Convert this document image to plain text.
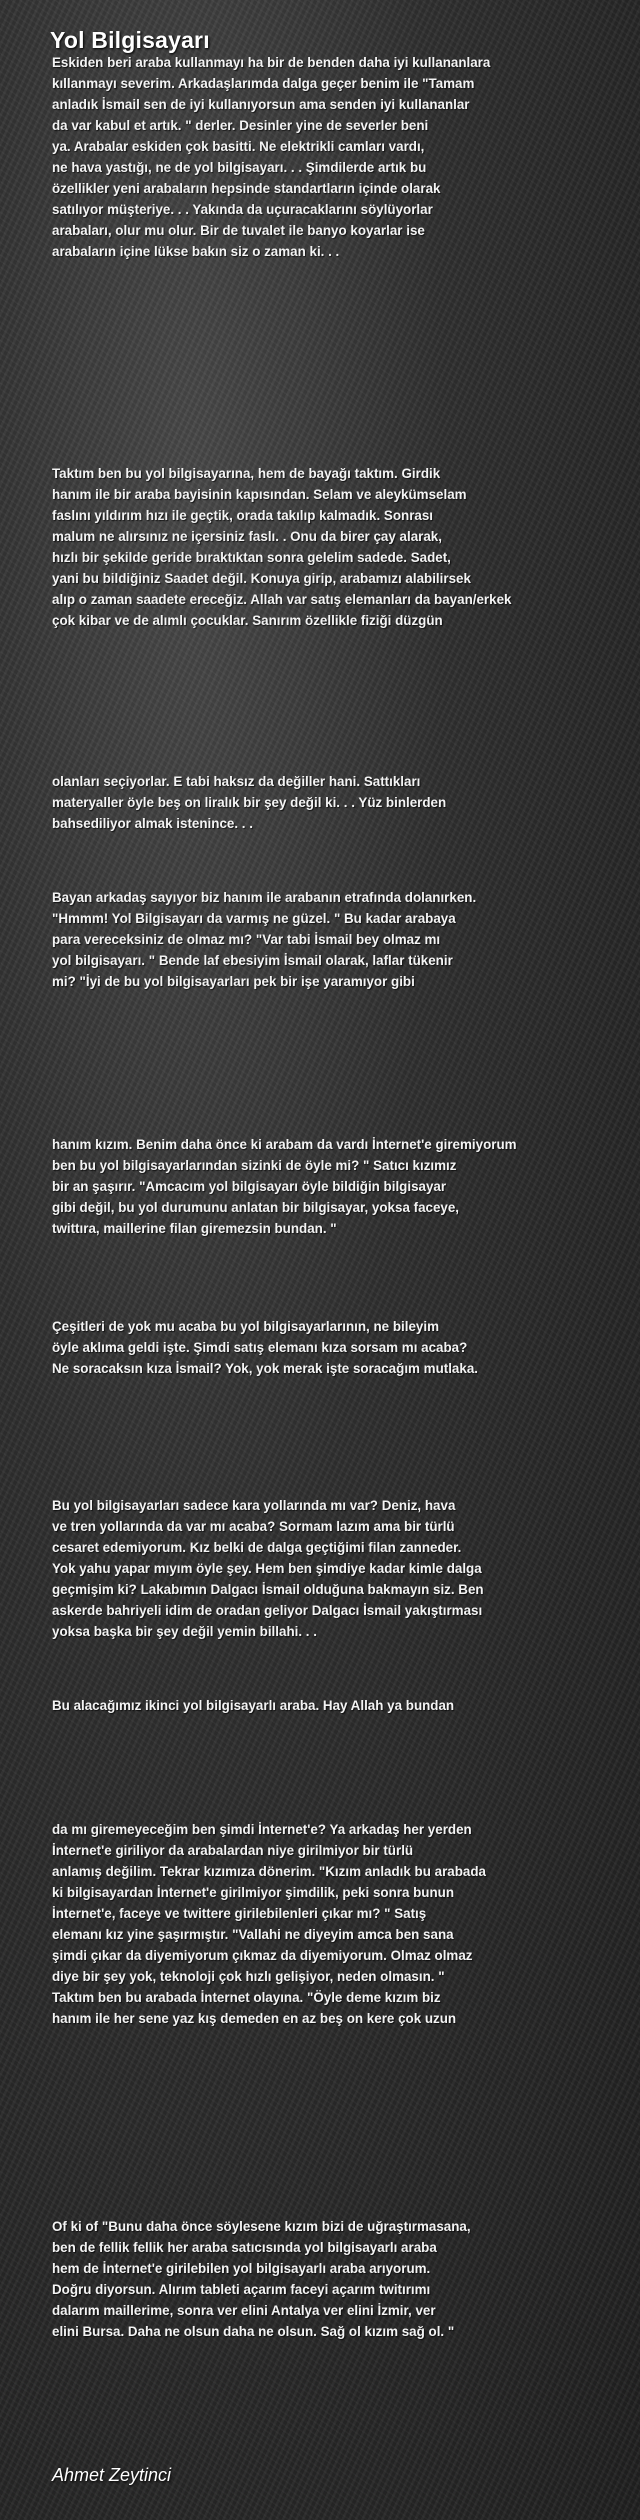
Yol Bilgisayarı

Eskiden beri araba kullanmayı ha bir de benden daha iyi kullananlara
kıllanmayı severim. Arkadaşlarımda dalga geçer benim ile "Tamam
anladık İsmail sen de iyi kullanıyorsun ama senden iyi kullananlar
da var kabul et artık. " derler. Desinler yine de severler beni
ya. Arabalar eskiden çok basitti. Ne elektrikli camları vardı,
ne hava yastığı, ne de yol bilgisayarı. . . Şimdilerde artık bu
özellikler yeni arabaların hepsinde standartların içinde olarak
satılıyor müşteriye. . . Yakında da uçuracaklarını söylüyorlar
arabaları, olur mu olur. Bir de tuvalet ile banyo koyarlar ise
arabaların içine lükse bakın siz o zaman ki. . .

Taktım ben bu yol bilgisayarına, hem de bayağı taktım. Girdik
hanım ile bir araba bayisinin kapısından. Selam ve aleykümselam
faslını yıldırım hızı ile geçtik, orada takılıp kalmadık. Sonrası
malum ne alırsınız ne içersiniz faslı. . Onu da birer çay alarak,
hızlı bir şekilde geride bıraktıktan sonra gelelim sadede. Sadet,
yani bu bildiğiniz Saadet değil. Konuya girip, arabamızı alabilirsek
alıp o zaman saadete ereceğiz. Allah var satış elemanları da bayan/erkek
çok kibar ve de alımlı çocuklar. Sanırım özellikle fiziği düzgün

olanları seçiyorlar. E tabi haksız da değiller hani. Sattıkları
materyaller öyle beş on liralık bir şey değil ki. . . Yüz binlerden
bahsediliyor almak istenince. . .

Bayan arkadaş sayıyor biz hanım ile arabanın etrafında dolanırken.
"Hmmm! Yol Bilgisayarı da varmış ne güzel. " Bu kadar arabaya
para vereceksiniz de olmaz mı? "Var tabi İsmail bey olmaz mı
yol bilgisayarı. " Bende laf ebesiyim İsmail olarak, laflar tükenir
mi? "İyi de bu yol bilgisayarları pek bir işe yaramıyor gibi

hanım kızım. Benim daha önce ki arabam da vardı İnternet'e giremiyorum
ben bu yol bilgisayarlarından sizinki de öyle mi? " Satıcı kızımız
bir an şaşırır. "Amcacım yol bilgisayarı öyle bildiğin bilgisayar
gibi değil, bu yol durumunu anlatan bir bilgisayar, yoksa faceye,
twittıra, maillerine filan giremezsin bundan. "

Çeşitleri de yok mu acaba bu yol bilgisayarlarının, ne bileyim
öyle aklıma geldi işte. Şimdi satış elemanı kıza sorsam mı acaba?
Ne soracaksın kıza İsmail? Yok, yok merak işte soracağım mutlaka.

Bu yol bilgisayarları sadece kara yollarında mı var? Deniz, hava
ve tren yollarında da var mı acaba? Sormam lazım ama bir türlü
cesaret edemiyorum. Kız belki de dalga geçtiğimi filan zanneder.
Yok yahu yapar mıyım öyle şey. Hem ben şimdiye kadar kimle dalga
geçmişim ki? Lakabımın Dalgacı İsmail olduğuna bakmayın siz. Ben
askerde bahriyeli idim de oradan geliyor Dalgacı İsmail yakıştırması
yoksa başka bir şey değil yemin billahi. . .

Bu alacağımız ikinci yol bilgisayarlı araba. Hay Allah ya bundan

da mı giremeyeceğim ben şimdi İnternet'e? Ya arkadaş her yerden
İnternet'e giriliyor da arabalardan niye girilmiyor bir türlü
anlamış değilim. Tekrar kızımıza dönerim. "Kızım anladık bu arabada
ki bilgisayardan İnternet'e girilmiyor şimdilik, peki sonra bunun
İnternet'e, faceye ve twittere girilebilenleri çıkar mı? " Satış
elemanı kız yine şaşırmıştır. "Vallahi ne diyeyim amca ben sana
şimdi çıkar da diyemiyorum çıkmaz da diyemiyorum. Olmaz olmaz
diye bir şey yok, teknoloji çok hızlı gelişiyor, neden olmasın. "
Taktım ben bu arabada İnternet olayına. "Öyle deme kızım biz
hanım ile her sene yaz kış demeden en az beş on kere çok uzun

Of ki of "Bunu daha önce söylesene kızım bizi de uğraştırmasana,
ben de fellik fellik her araba satıcısında yol bilgisayarlı araba
hem de İnternet'e girilebilen yol bilgisayarlı araba arıyorum.
Doğru diyorsun. Alırım tableti açarım faceyi açarım twitırımı
dalarım maillerime, sonra ver elini Antalya ver elini İzmir, ver
elini Bursa. Daha ne olsun daha ne olsun. Sağ ol kızım sağ ol. "

Ahmet Zeytinci
